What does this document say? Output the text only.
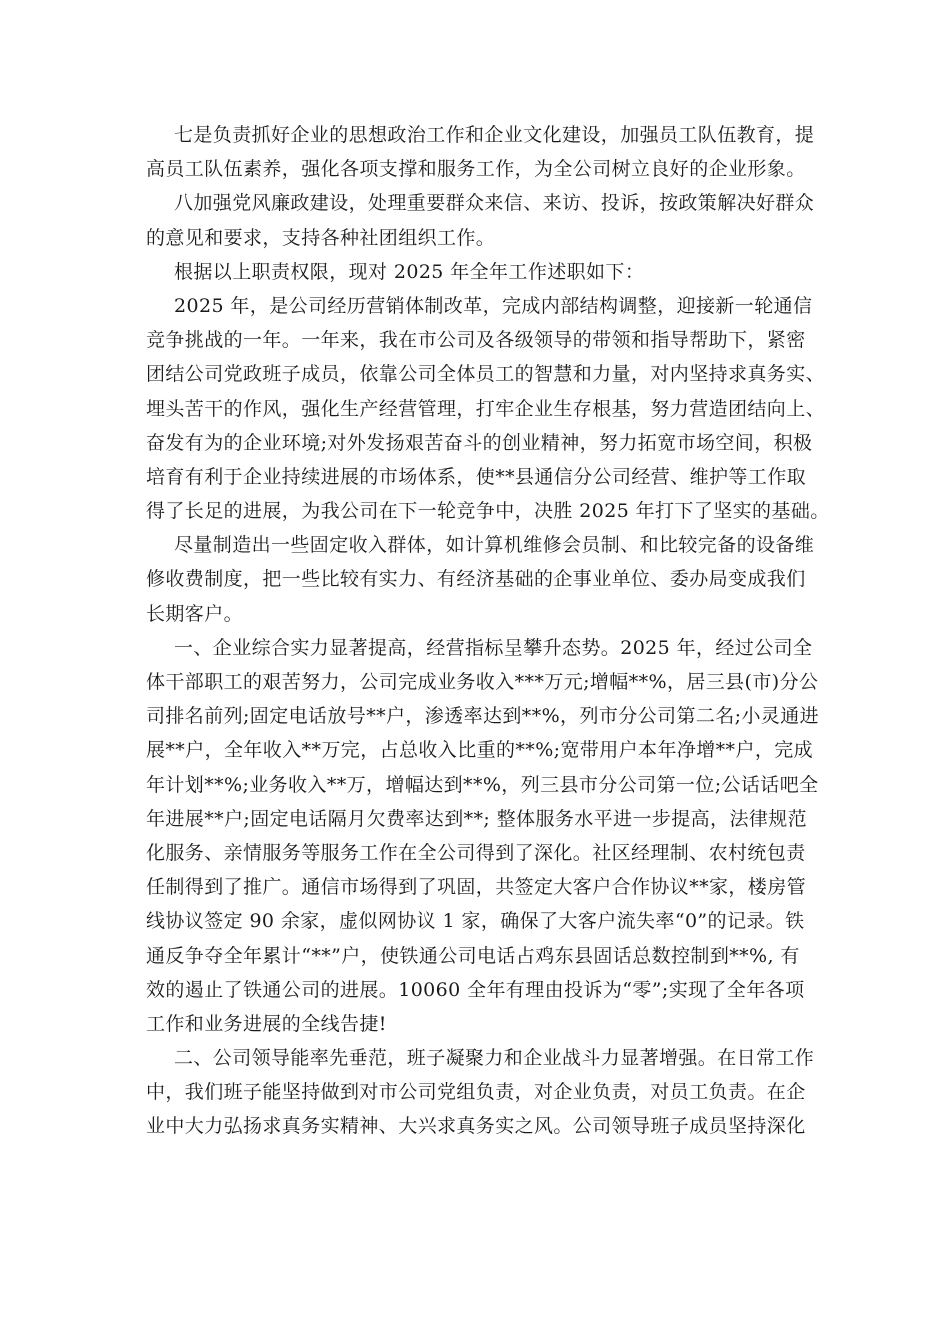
七是负责抓好企业的思想政治工作和企业文化建设，加强员工队伍教育，提
高员工队伍素养，强化各项支撑和服务工作，为全公司树立良好的企业形象。
八加强党风廉政建设，处理重要群众来信、来访、投诉，按政策解决好群众
的意见和要求，支持各种社团组织工作。
根据以上职责权限，现对 2025 年全年工作述职如下：
2025 年，是公司经历营销体制改革，完成内部结构调整，迎接新一轮通信
竞争挑战的一年。一年来，我在市公司及各级领导的带领和指导帮助下，紧密
团结公司党政班子成员，依靠公司全体员工的智慧和力量，对内坚持求真务实、
埋头苦干的作风，强化生产经营管理，打牢企业生存根基，努力营造团结向上、
奋发有为的企业环境;对外发扬艰苦奋斗的创业精神，努力拓宽市场空间，积极
培育有利于企业持续进展的市场体系，使**县通信分公司经营、维护等工作取
得了长足的进展，为我公司在下一轮竞争中，决胜 2025 年打下了坚实的基础。
尽量制造出一些固定收入群体，如计算机维修会员制、和比较完备的设备维
修收费制度，把一些比较有实力、有经济基础的企事业单位、委办局变成我们
长期客户。
一、企业综合实力显著提高，经营指标呈攀升态势。2025 年，经过公司全
体干部职工的艰苦努力，公司完成业务收入***万元;增幅**%，居三县(市)分公
司排名前列;固定电话放号**户，渗透率达到**%，列市分公司第二名;小灵通进
展**户，全年收入**万完，占总收入比重的**%;宽带用户本年净增**户，完成
年计划**%;业务收入**万，增幅达到**%，列三县市分公司第一位;公话话吧全
年进展**户;固定电话隔月欠费率达到**; 整体服务水平进一步提高，法律规范
化服务、亲情服务等服务工作在全公司得到了深化。社区经理制、农村统包责
任制得到了推广。通信市场得到了巩固，共签定大客户合作协议**家，楼房管
线协议签定 90 余家，虚似网协议 1 家，确保了大客户流失率“0”的记录。铁
通反争夺全年累计“**”户，使铁通公司电话占鸡东县固话总数控制到**%, 有
效的遏止了铁通公司的进展。10060 全年有理由投诉为“零”;实现了全年各项
工作和业务进展的全线告捷!
二、公司领导能率先垂范，班子凝聚力和企业战斗力显著增强。在日常工作
中，我们班子能坚持做到对市公司党组负责，对企业负责，对员工负责。在企
业中大力弘扬求真务实精神、大兴求真务实之风。公司领导班子成员坚持深化
